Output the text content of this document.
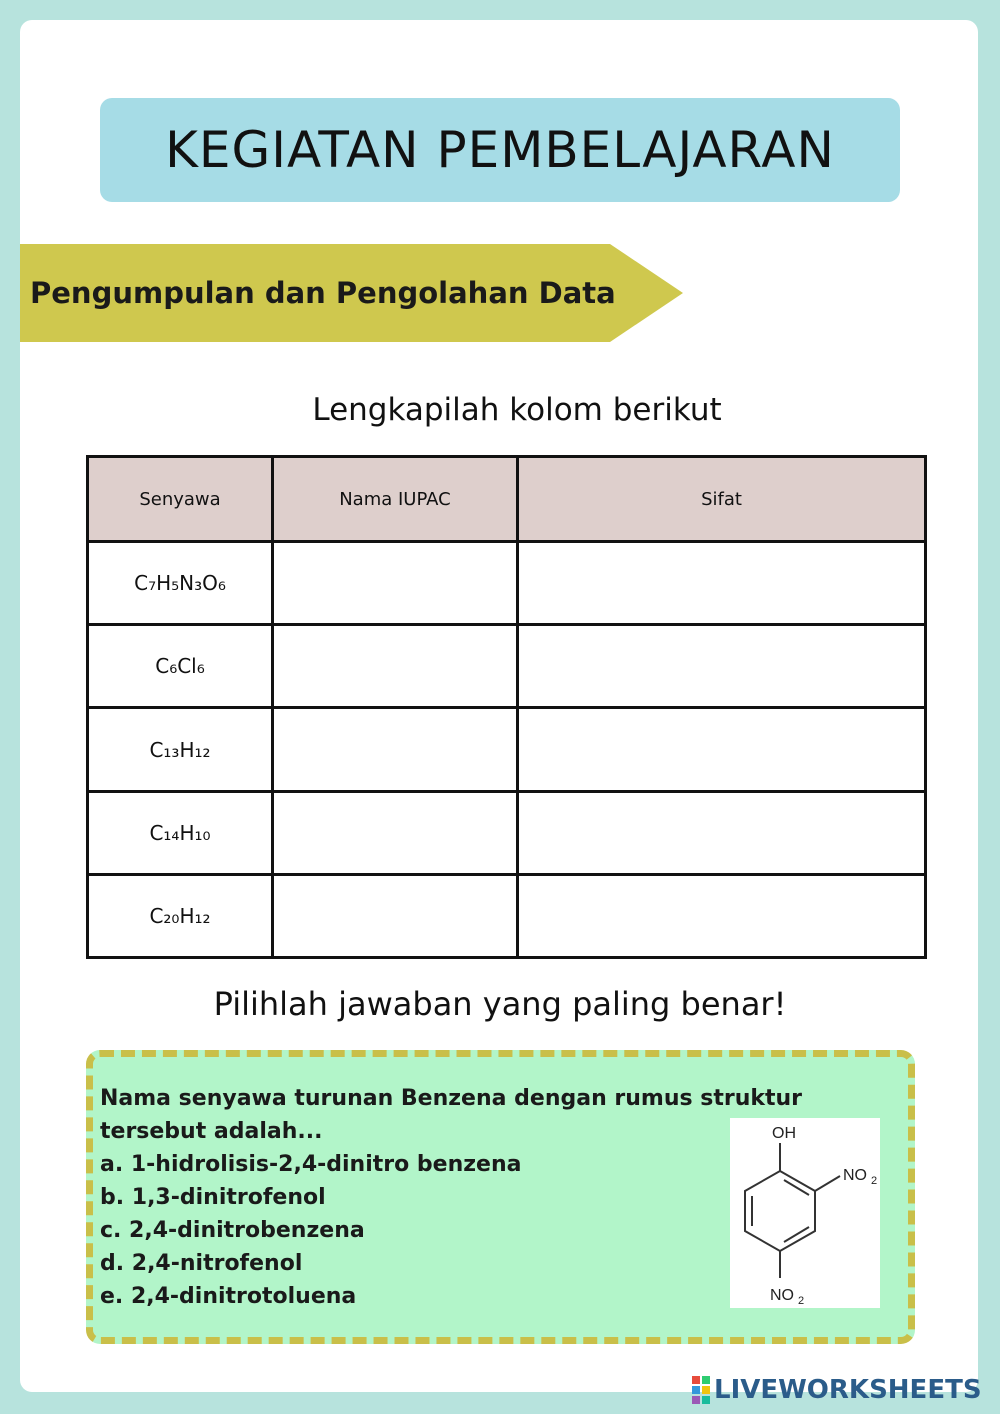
KEGIATAN PEMBELAJARAN
Pengumpulan dan Pengolahan Data
Lengkapilah kolom berikut
Senyawa	Nama IUPAC	Sifat
C₇H₅N₃O₆		
C₆Cl₆		
C₁₃H₁₂		
C₁₄H₁₀		
C₂₀H₁₂		
Pilihlah jawaban yang paling benar!
Nama senyawa turunan Benzena dengan rumus struktur
tersebut adalah...
a. 1-hidrolisis-2,4-dinitro benzena
b. 1,3-dinitrofenol
c. 2,4-dinitrobenzena
d. 2,4-nitrofenol
e. 2,4-dinitrotoluena
OH
NO 2
NO 2
LIVEWORKSHEETS
